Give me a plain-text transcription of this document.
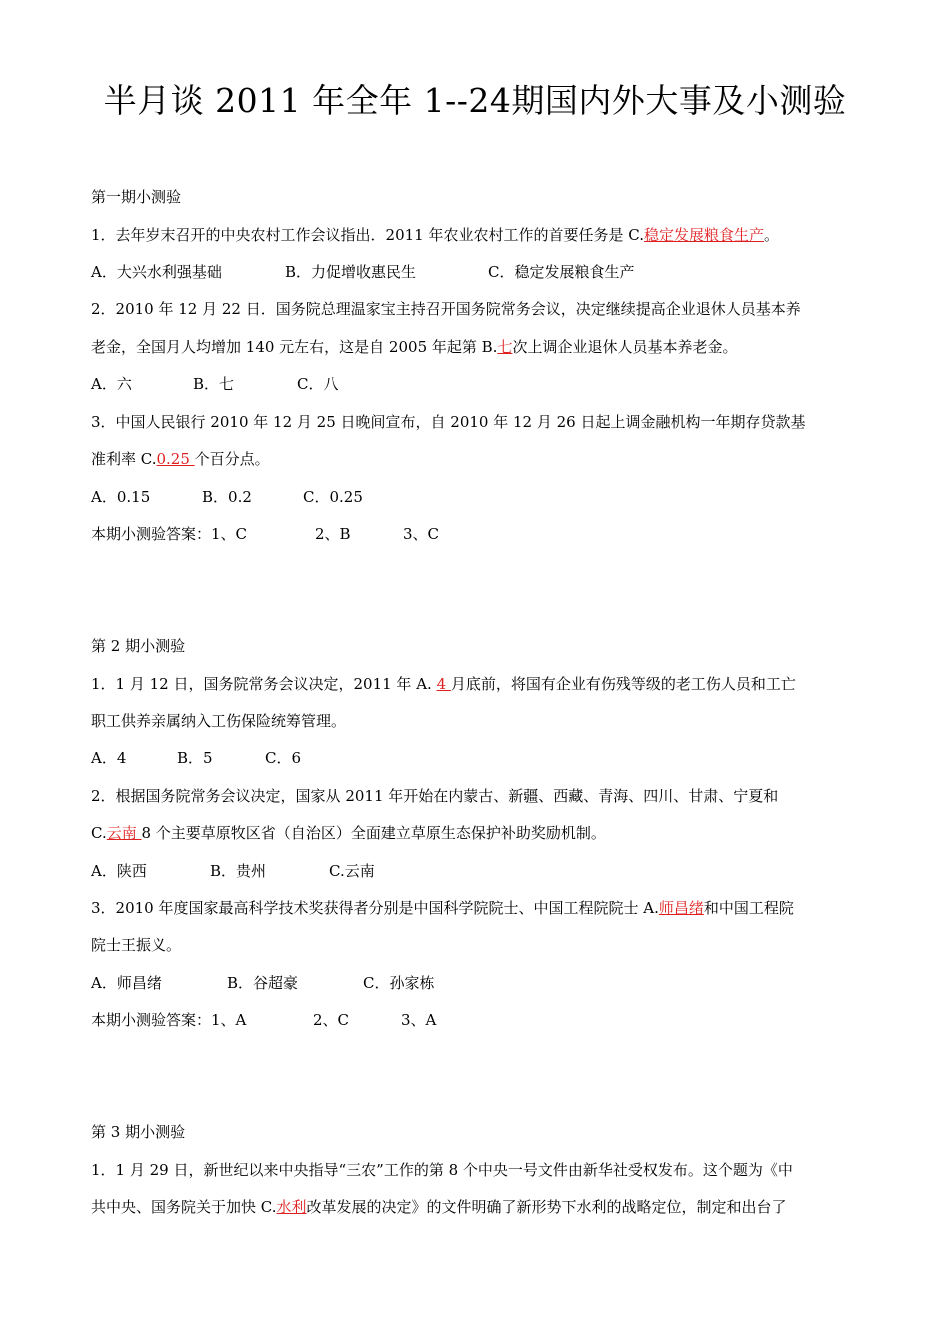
半月谈 2011 年全年 1--24期国内外大事及小测验
第一期小测验
1．去年岁末召开的中央农村工作会议指出．2011 年农业农村工作的首要任务是 C.稳定发展粮食生产。
A．大兴水利强基础	B．力促增收惠民生	C．稳定发展粮食生产
2．2010 年 12 月 22 日．国务院总理温家宝主持召开国务院常务会议，决定继续提高企业退休人员基本养
老金，全国月人均增加 140 元左右，这是自 2005 年起第 B.七次上调企业退休人员基本养老金。
A．六	B．七	C．八
3．中国人民银行 2010 年 12 月 25 日晚间宣布，自 2010 年 12 月 26 日起上调金融机构一年期存贷款基
准利率 C.0.25 个百分点。
A．0.15	B．0.2	C．0.25
本期小测验答案：1、C	2、B	3、C
第 2 期小测验
1．1 月 12 日，国务院常务会议决定，2011 年 A. 4 月底前，将国有企业有伤残等级的老工伤人员和工亡
职工供养亲属纳入工伤保险统筹管理。
A．4	B．5	C．6
2．根据国务院常务会议决定，国家从 2011 年开始在内蒙古、新疆、西藏、青海、四川、甘肃、宁夏和
C.云南 8 个主要草原牧区省（自治区）全面建立草原生态保护补助奖励机制。
A．陕西	B．贵州	C.云南
3．2010 年度国家最高科学技术奖获得者分别是中国科学院院士、中国工程院院士 A.师昌绪和中国工程院
院士王振义。
A．师昌绪	B．谷超豪	C．孙家栋
本期小测验答案：1、A	2、C	3、A
第 3 期小测验
1．1 月 29 日，新世纪以来中央指导“三农”工作的第 8 个中央一号文件由新华社受权发布。这个题为《中
共中央、国务院关于加快 C.水利改革发展的决定》的文件明确了新形势下水利的战略定位，制定和出台了
